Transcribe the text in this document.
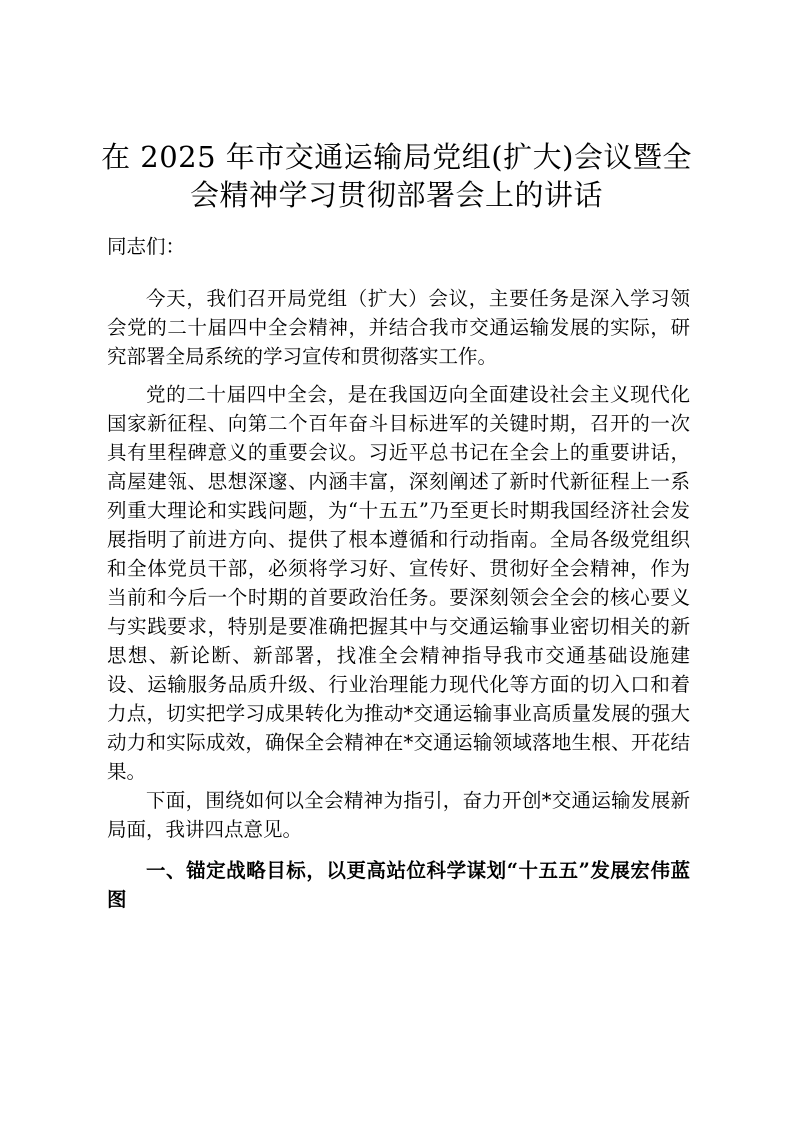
在 2025 年市交通运输局党组(扩大)会议暨全会精神学习贯彻部署会上的讲话

同志们：

今天，我们召开局党组（扩大）会议，主要任务是深入学习领会党的二十届四中全会精神，并结合我市交通运输发展的实际，研究部署全局系统的学习宣传和贯彻落实工作。

党的二十届四中全会，是在我国迈向全面建设社会主义现代化国家新征程、向第二个百年奋斗目标进军的关键时期，召开的一次具有里程碑意义的重要会议。习近平总书记在全会上的重要讲话，高屋建瓴、思想深邃、内涵丰富，深刻阐述了新时代新征程上一系列重大理论和实践问题，为“十五五”乃至更长时期我国经济社会发展指明了前进方向、提供了根本遵循和行动指南。全局各级党组织和全体党员干部，必须将学习好、宣传好、贯彻好全会精神，作为当前和今后一个时期的首要政治任务。要深刻领会全会的核心要义与实践要求，特别是要准确把握其中与交通运输事业密切相关的新思想、新论断、新部署，找准全会精神指导我市交通基础设施建设、运输服务品质升级、行业治理能力现代化等方面的切入口和着力点，切实把学习成果转化为推动*交通运输事业高质量发展的强大动力和实际成效，确保全会精神在*交通运输领域落地生根、开花结果。

下面，围绕如何以全会精神为指引，奋力开创*交通运输发展新局面，我讲四点意见。

一、锚定战略目标，以更高站位科学谋划“十五五”发展宏伟蓝图
